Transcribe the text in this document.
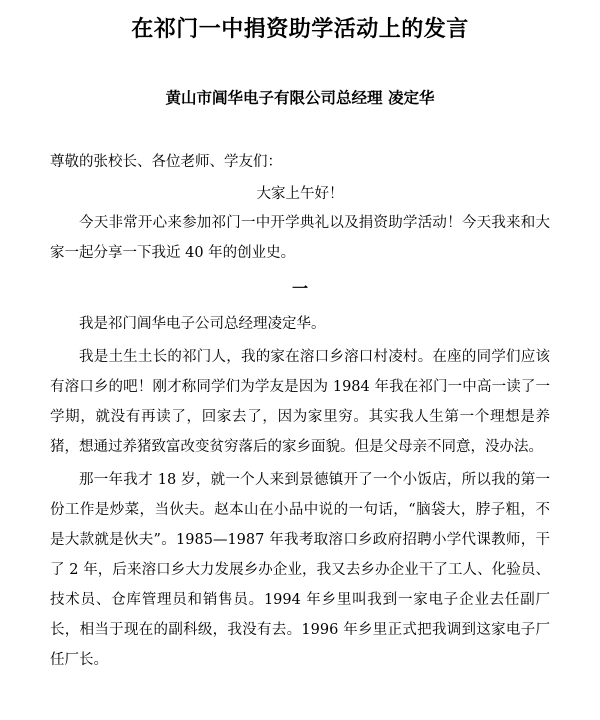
在祁门一中捐资助学活动上的发言

黄山市阊华电子有限公司总经理 凌定华

尊敬的张校长、各位老师、学友们：

大家上午好！

今天非常开心来参加祁门一中开学典礼以及捐资助学活动！今天我来和大家一起分享一下我近 40 年的创业史。

一

我是祁门阊华电子公司总经理凌定华。

我是土生土长的祁门人，我的家在溶口乡溶口村凌村。在座的同学们应该有溶口乡的吧！刚才称同学们为学友是因为 1984 年我在祁门一中高一读了一学期，就没有再读了，回家去了，因为家里穷。其实我人生第一个理想是养猪，想通过养猪致富改变贫穷落后的家乡面貌。但是父母亲不同意，没办法。

那一年我才 18 岁，就一个人来到景德镇开了一个小饭店，所以我的第一份工作是炒菜，当伙夫。赵本山在小品中说的一句话，“脑袋大，脖子粗，不是大款就是伙夫”。1985—1987 年我考取溶口乡政府招聘小学代课教师，干了 2 年，后来溶口乡大力发展乡办企业，我又去乡办企业干了工人、化验员、技术员、仓库管理员和销售员。1994 年乡里叫我到一家电子企业去任副厂长，相当于现在的副科级，我没有去。1996 年乡里正式把我调到这家电子厂任厂长。
